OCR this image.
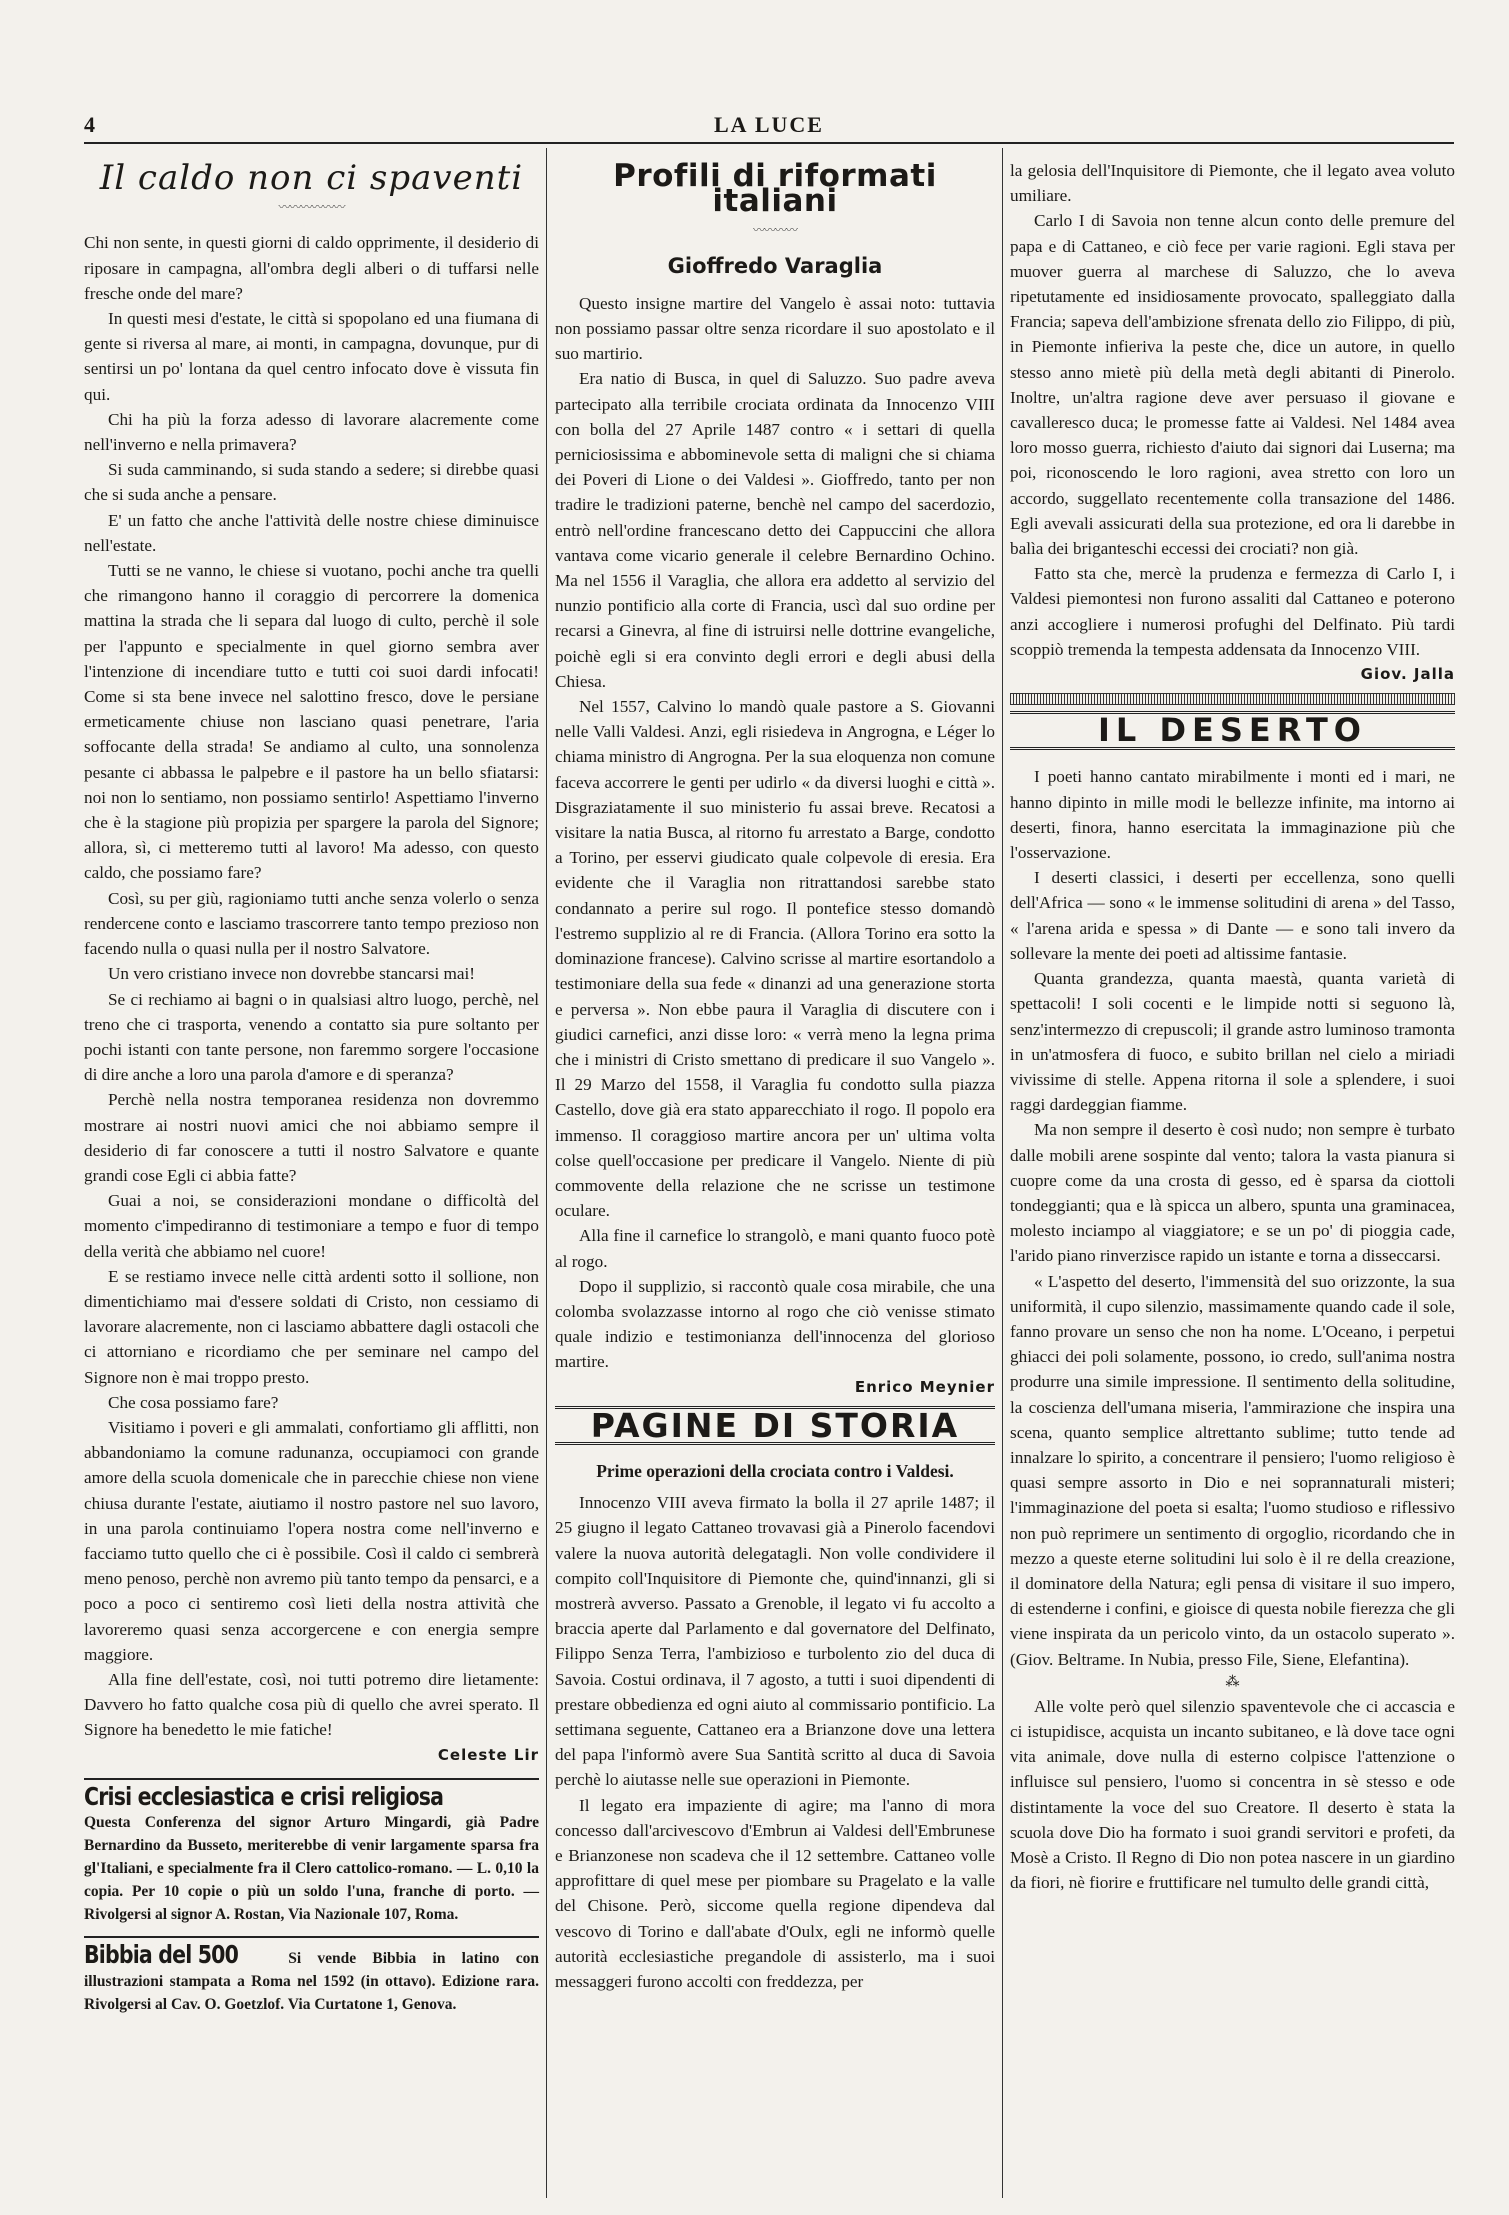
4	LA LUCE
Il caldo non ci spaventi
〰〰〰〰〰〰

Chi non sente, in questi giorni di caldo opprimente, il desiderio di riposare in campagna, all'ombra degli alberi o di tuffarsi nelle fresche onde del mare?

In questi mesi d'estate, le città si spopolano ed una fiumana di gente si riversa al mare, ai monti, in campagna, dovunque, pur di sentirsi un po' lontana da quel centro infocato dove è vissuta fin qui.

Chi ha più la forza adesso di lavorare alacremente come nell'inverno e nella primavera?

Si suda camminando, si suda stando a sedere; si direbbe quasi che si suda anche a pensare.

E' un fatto che anche l'attività delle nostre chiese diminuisce nell'estate.

Tutti se ne vanno, le chiese si vuotano, pochi anche tra quelli che rimangono hanno il coraggio di percorrere la domenica mattina la strada che li separa dal luogo di culto, perchè il sole per l'appunto e specialmente in quel giorno sembra aver l'intenzione di incendiare tutto e tutti coi suoi dardi infocati! Come si sta bene invece nel salottino fresco, dove le persiane ermeticamente chiuse non lasciano quasi penetrare, l'aria soffocante della strada! Se andiamo al culto, una sonnolenza pesante ci abbassa le palpebre e il pastore ha un bello sfiatarsi: noi non lo sentiamo, non possiamo sentirlo! Aspettiamo l'inverno che è la stagione più propizia per spargere la parola del Signore; allora, sì, ci metteremo tutti al lavoro! Ma adesso, con questo caldo, che possiamo fare?

Così, su per giù, ragioniamo tutti anche senza volerlo o senza rendercene conto e lasciamo trascorrere tanto tempo prezioso non facendo nulla o quasi nulla per il nostro Salvatore.

Un vero cristiano invece non dovrebbe stancarsi mai!

Se ci rechiamo ai bagni o in qualsiasi altro luogo, perchè, nel treno che ci trasporta, venendo a contatto sia pure soltanto per pochi istanti con tante persone, non faremmo sorgere l'occasione di dire anche a loro una parola d'amore e di speranza?

Perchè nella nostra temporanea residenza non dovremmo mostrare ai nostri nuovi amici che noi abbiamo sempre il desiderio di far conoscere a tutti il nostro Salvatore e quante grandi cose Egli ci abbia fatte?

Guai a noi, se considerazioni mondane o difficoltà del momento c'impediranno di testimoniare a tempo e fuor di tempo della verità che abbiamo nel cuore!

E se restiamo invece nelle città ardenti sotto il sollione, non dimentichiamo mai d'essere soldati di Cristo, non cessiamo di lavorare alacremente, non ci lasciamo abbattere dagli ostacoli che ci attorniano e ricordiamo che per seminare nel campo del Signore non è mai troppo presto.

Che cosa possiamo fare?

Visitiamo i poveri e gli ammalati, confortiamo gli afflitti, non abbandoniamo la comune radunanza, occupiamoci con grande amore della scuola domenicale che in parecchie chiese non viene chiusa durante l'estate, aiutiamo il nostro pastore nel suo lavoro, in una parola continuiamo l'opera nostra come nell'inverno e facciamo tutto quello che ci è possibile. Così il caldo ci sembrerà meno penoso, perchè non avremo più tanto tempo da pensarci, e a poco a poco ci sentiremo così lieti della nostra attività che lavoreremo quasi senza accorgercene e con energia sempre maggiore.

Alla fine dell'estate, così, noi tutti potremo dire lietamente: Davvero ho fatto qualche cosa più di quello che avrei sperato. Il Signore ha benedetto le mie fatiche!

Celeste Lir
Crisi ecclesiastica e crisi religiosa Questa Conferenza del signor Arturo Mingardi, già Padre Bernardino da Busseto, meriterebbe di venir largamente sparsa fra gl'Italiani, e specialmente fra il Clero cattolico-romano. — L. 0,10 la copia. Per 10 copie o più un soldo l'una, franche di porto. — Rivolgersi al signor A. Rostan, Via Nazionale 107, Roma.
Bibbia del 500	Si vende Bibbia in latino con illustrazioni stampata a Roma nel 1592 (in ottavo). Edizione rara. Rivolgersi al Cav. O. Goetzlof. Via Curtatone 1, Genova.
Profili di riformati italiani
〰〰〰〰
Gioffredo Varaglia

Questo insigne martire del Vangelo è assai noto: tuttavia non possiamo passar oltre senza ricordare il suo apostolato e il suo martirio.

Era natio di Busca, in quel di Saluzzo. Suo padre aveva partecipato alla terribile crociata ordinata da Innocenzo VIII con bolla del 27 Aprile 1487 contro « i settari di quella perniciosissima e abbominevole setta di maligni che si chiama dei Poveri di Lione o dei Valdesi ». Gioffredo, tanto per non tradire le tradizioni paterne, benchè nel campo del sacerdozio, entrò nell'ordine francescano detto dei Cappuccini che allora vantava come vicario generale il celebre Bernardino Ochino. Ma nel 1556 il Varaglia, che allora era addetto al servizio del nunzio pontificio alla corte di Francia, uscì dal suo ordine per recarsi a Ginevra, al fine di istruirsi nelle dottrine evangeliche, poichè egli si era convinto degli errori e degli abusi della Chiesa.

Nel 1557, Calvino lo mandò quale pastore a S. Giovanni nelle Valli Valdesi. Anzi, egli risiedeva in Angrogna, e Léger lo chiama ministro di Angrogna. Per la sua eloquenza non comune faceva accorrere le genti per udirlo « da diversi luoghi e città ». Disgraziatamente il suo ministerio fu assai breve. Recatosi a visitare la natia Busca, al ritorno fu arrestato a Barge, condotto a Torino, per esservi giudicato quale colpevole di eresia. Era evidente che il Varaglia non ritrattandosi sarebbe stato condannato a perire sul rogo. Il pontefice stesso domandò l'estremo supplizio al re di Francia. (Allora Torino era sotto la dominazione francese). Calvino scrisse al martire esortandolo a testimoniare della sua fede « dinanzi ad una generazione storta e perversa ». Non ebbe paura il Varaglia di discutere con i giudici carnefici, anzi disse loro: « verrà meno la legna prima che i ministri di Cristo smettano di predicare il suo Vangelo ». Il 29 Marzo del 1558, il Varaglia fu condotto sulla piazza Castello, dove già era stato apparecchiato il rogo. Il popolo era immenso. Il coraggioso martire ancora per un' ultima volta colse quell'occasione per predicare il Vangelo. Niente di più commovente della relazione che ne scrisse un testimone oculare.

Alla fine il carnefice lo strangolò, e mani quanto fuoco potè al rogo.

Dopo il supplizio, si raccontò quale cosa mirabile, che una colomba svolazzasse intorno al rogo che ciò venisse stimato quale indizio e testimonianza dell'innocenza del glorioso martire.

Enrico Meynier
PAGINE DI STORIA
Prime operazioni della crociata contro i Valdesi.

Innocenzo VIII aveva firmato la bolla il 27 aprile 1487; il 25 giugno il legato Cattaneo trovavasi già a Pinerolo facendovi valere la nuova autorità delegatagli. Non volle condividere il compito coll'Inquisitore di Piemonte che, quind'innanzi, gli si mostrerà avverso. Passato a Grenoble, il legato vi fu accolto a braccia aperte dal Parlamento e dal governatore del Delfinato, Filippo Senza Terra, l'ambizioso e turbolento zio del duca di Savoia. Costui ordinava, il 7 agosto, a tutti i suoi dipendenti di prestare obbedienza ed ogni aiuto al commissario pontificio. La settimana seguente, Cattaneo era a Brianzone dove una lettera del papa l'informò avere Sua Santità scritto al duca di Savoia perchè lo aiutasse nelle sue operazioni in Piemonte.

Il legato era impaziente di agire; ma l'anno di mora concesso dall'arcivescovo d'Embrun ai Valdesi dell'Embrunese e Brianzonese non scadeva che il 12 settembre. Cattaneo volle approfittare di quel mese per piombare su Pragelato e la valle del Chisone. Però, siccome quella regione dipendeva dal vescovo di Torino e dall'abate d'Oulx, egli ne informò quelle autorità ecclesiastiche pregandole di assisterlo, ma i suoi messaggeri furono accolti con freddezza, per

la gelosia dell'Inquisitore di Piemonte, che il legato avea voluto umiliare.

Carlo I di Savoia non tenne alcun conto delle premure del papa e di Cattaneo, e ciò fece per varie ragioni. Egli stava per muover guerra al marchese di Saluzzo, che lo aveva ripetutamente ed insidiosamente provocato, spalleggiato dalla Francia; sapeva dell'ambizione sfrenata dello zio Filippo, di più, in Piemonte infieriva la peste che, dice un autore, in quello stesso anno mietè più della metà degli abitanti di Pinerolo. Inoltre, un'altra ragione deve aver persuaso il giovane e cavalleresco duca; le promesse fatte ai Valdesi. Nel 1484 avea loro mosso guerra, richiesto d'aiuto dai signori dai Luserna; ma poi, riconoscendo le loro ragioni, avea stretto con loro un accordo, suggellato recentemente colla transazione del 1486. Egli avevali assicurati della sua protezione, ed ora li darebbe in balìa dei briganteschi eccessi dei crociati? non già.

Fatto sta che, mercè la prudenza e fermezza di Carlo I, i Valdesi piemontesi non furono assaliti dal Cattaneo e poterono anzi accogliere i numerosi profughi del Delfinato. Più tardi scoppiò tremenda la tempesta addensata da Innocenzo VIII.

Giov. Jalla
IL DESERTO

I poeti hanno cantato mirabilmente i monti ed i mari, ne hanno dipinto in mille modi le bellezze infinite, ma intorno ai deserti, finora, hanno esercitata la immaginazione più che l'osservazione.

I deserti classici, i deserti per eccellenza, sono quelli dell'Africa — sono « le immense solitudini di arena » del Tasso, « l'arena arida e spessa » di Dante — e sono tali invero da sollevare la mente dei poeti ad altissime fantasie.

Quanta grandezza, quanta maestà, quanta varietà di spettacoli! I soli cocenti e le limpide notti si seguono là, senz'intermezzo di crepuscoli; il grande astro luminoso tramonta in un'atmosfera di fuoco, e subito brillan nel cielo a miriadi vivissime di stelle. Appena ritorna il sole a splendere, i suoi raggi dardeggian fiamme.

Ma non sempre il deserto è così nudo; non sempre è turbato dalle mobili arene sospinte dal vento; talora la vasta pianura si cuopre come da una crosta di gesso, ed è sparsa da ciottoli tondeggianti; qua e là spicca un albero, spunta una graminacea, molesto inciampo al viaggiatore; e se un po' di pioggia cade, l'arido piano rinverzisce rapido un istante e torna a disseccarsi.

« L'aspetto del deserto, l'immensità del suo orizzonte, la sua uniformità, il cupo silenzio, massimamente quando cade il sole, fanno provare un senso che non ha nome. L'Oceano, i perpetui ghiacci dei poli solamente, possono, io credo, sull'anima nostra produrre una simile impressione. Il sentimento della solitudine, la coscienza dell'umana miseria, l'ammirazione che inspira una scena, quanto semplice altrettanto sublime; tutto tende ad innalzare lo spirito, a concentrare il pensiero; l'uomo religioso è quasi sempre assorto in Dio e nei soprannaturali misteri; l'immaginazione del poeta si esalta; l'uomo studioso e riflessivo non può reprimere un sentimento di orgoglio, ricordando che in mezzo a queste eterne solitudini lui solo è il re della creazione, il dominatore della Natura; egli pensa di visitare il suo impero, di estenderne i confini, e gioisce di questa nobile fierezza che gli viene inspirata da un pericolo vinto, da un ostacolo superato ». (Giov. Beltrame. In Nubia, presso File, Siene, Elefantina).

⁂

Alle volte però quel silenzio spaventevole che ci accascia e ci istupidisce, acquista un incanto subitaneo, e là dove tace ogni vita animale, dove nulla di esterno colpisce l'attenzione o influisce sul pensiero, l'uomo si concentra in sè stesso e ode distintamente la voce del suo Creatore. Il deserto è stata la scuola dove Dio ha formato i suoi grandi servitori e profeti, da Mosè a Cristo. Il Regno di Dio non potea nascere in un giardino da fiori, nè fiorire e fruttificare nel tumulto delle grandi città,
